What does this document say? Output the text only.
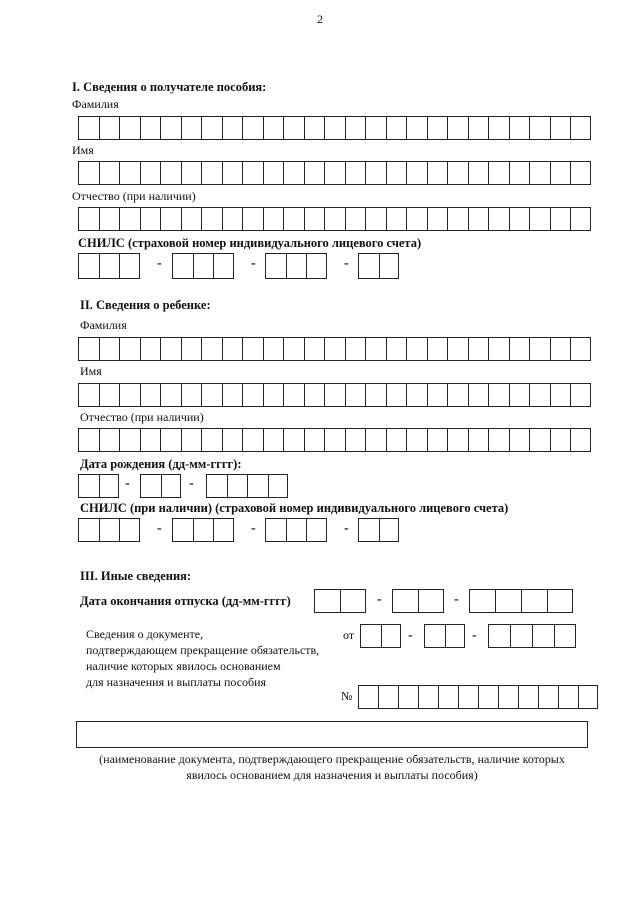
2
I. Сведения о получателе пособия:
Фамилия
Имя
Отчество (при наличии)
СНИЛС (страховой номер индивидуального лицевого счета)
-	-	-
II. Сведения о ребенке:
Фамилия
Имя
Отчество (при наличии)
Дата рождения (дд-мм-гггг):
-	-
СНИЛС (при наличии) (страховой номер индивидуального лицевого счета)
-	-	-
III. Иные сведения:
Дата окончания отпуска (дд-мм-гггг)	-	-
Сведения о документе,
подтверждающем прекращение обязательств,
наличие которых явилось основанием
для назначения и выплаты пособия
от	-	-
№
(наименование документа, подтверждающего прекращение обязательств, наличие которых
явилось основанием для назначения и выплаты пособия)
